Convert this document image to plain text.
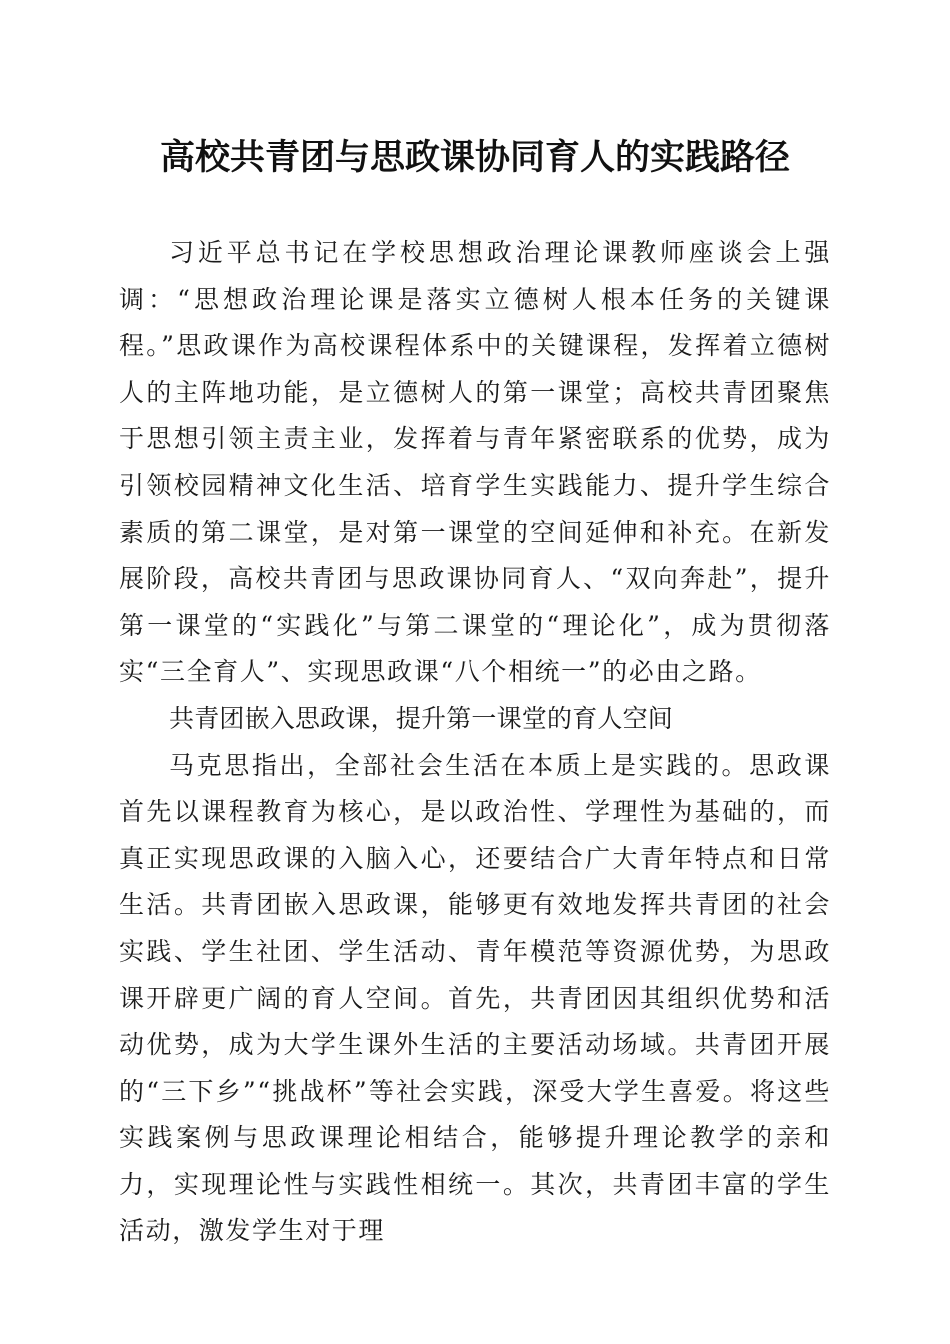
高校共青团与思政课协同育人的实践路径

习近平总书记在学校思想政治理论课教师座谈会上强调：“思想政治理论课是落实立德树人根本任务的关键课程。”思政课作为高校课程体系中的关键课程，发挥着立德树人的主阵地功能，是立德树人的第一课堂；高校共青团聚焦于思想引领主责主业，发挥着与青年紧密联系的优势，成为引领校园精神文化生活、培育学生实践能力、提升学生综合素质的第二课堂，是对第一课堂的空间延伸和补充。在新发展阶段，高校共青团与思政课协同育人、“双向奔赴”，提升第一课堂的“实践化”与第二课堂的“理论化”，成为贯彻落实“三全育人”、实现思政课“八个相统一”的必由之路。

共青团嵌入思政课，提升第一课堂的育人空间

马克思指出，全部社会生活在本质上是实践的。思政课首先以课程教育为核心，是以政治性、学理性为基础的，而真正实现思政课的入脑入心，还要结合广大青年特点和日常生活。共青团嵌入思政课，能够更有效地发挥共青团的社会实践、学生社团、学生活动、青年模范等资源优势，为思政课开辟更广阔的育人空间。首先，共青团因其组织优势和活动优势，成为大学生课外生活的主要活动场域。共青团开展的“三下乡”“挑战杯”等社会实践，深受大学生喜爱。将这些实践案例与思政课理论相结合，能够提升理论教学的亲和力，实现理论性与实践性相统一。其次，共青团丰富的学生活动，激发学生对于理
